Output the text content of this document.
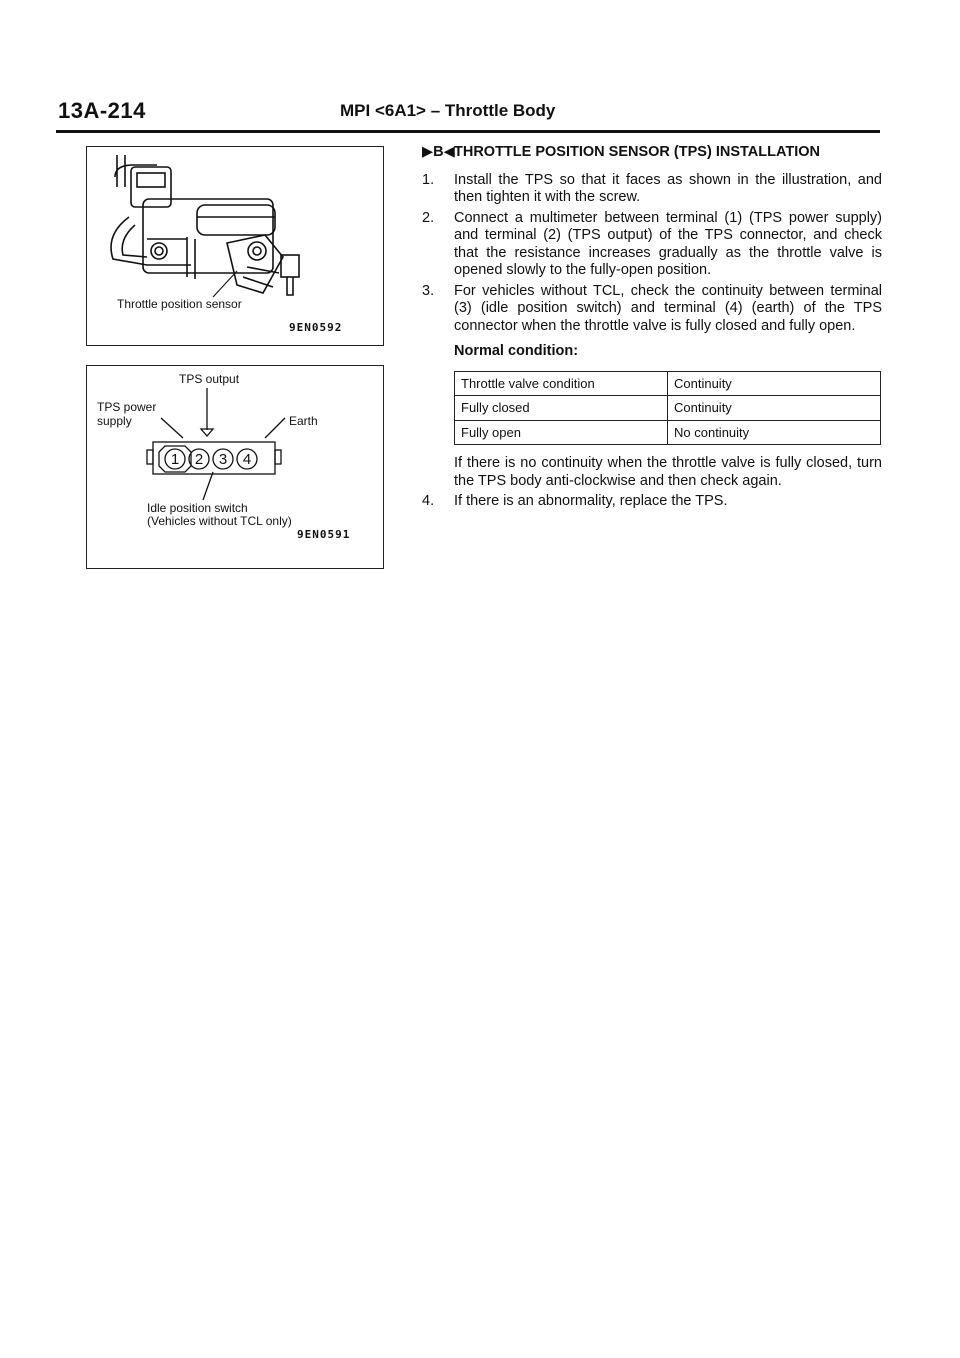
13A-214	MPI <6A1> – Throttle Body
Throttle position sensor
9EN0592
1 2 3 4
TPS output
TPS power
supply	Earth
Idle position switch
(Vehicles without TCL only)
9EN0591
▶B◀ THROTTLE POSITION SENSOR (TPS) INSTALLATION
1. Install the TPS so that it faces as shown in the illustration, and then tighten it with the screw.
2. Connect a multimeter between terminal (1) (TPS power supply) and terminal (2) (TPS output) of the TPS connector, and check that the resistance increases gradually as the throttle valve is opened slowly to the fully-open position.
3. For vehicles without TCL, check the continuity between terminal (3) (idle position switch) and terminal (4) (earth) of the TPS connector when the throttle valve is fully closed and fully open.
Normal condition:
Throttle valve condition	Continuity
Fully closed	Continuity
Fully open	No continuity
If there is no continuity when the throttle valve is fully closed, turn the TPS body anti-clockwise and then check again.
4. If there is an abnormality, replace the TPS.
